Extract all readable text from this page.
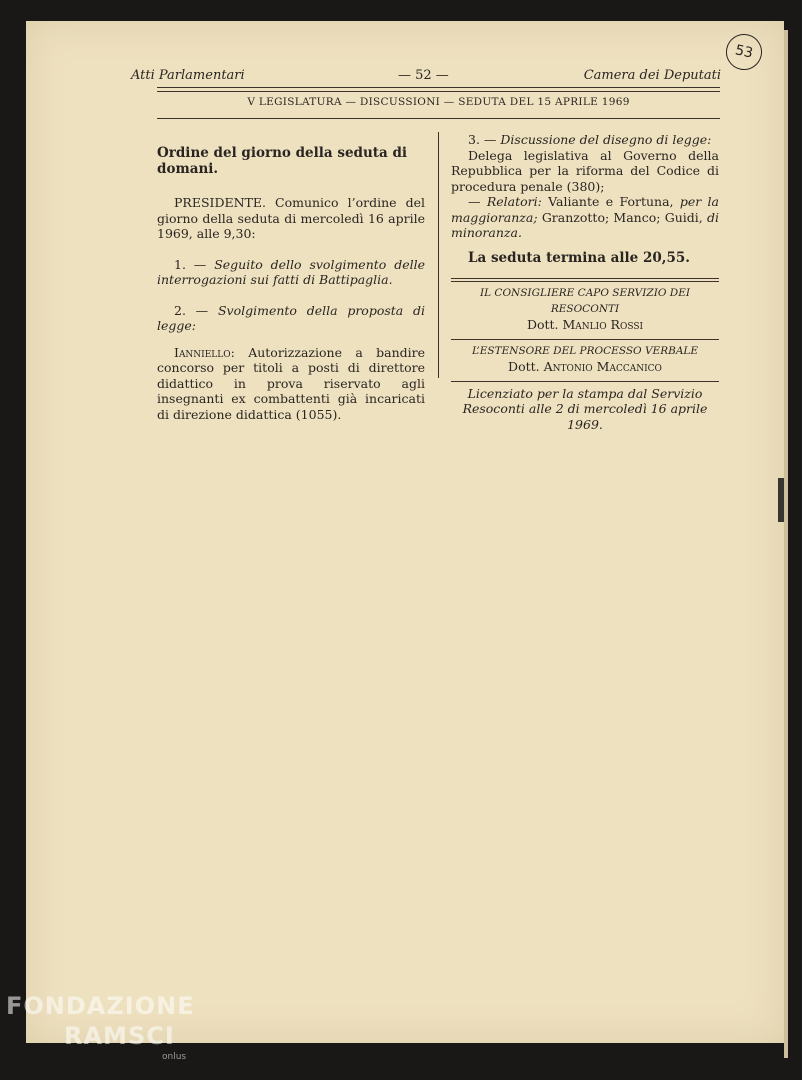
53
Atti Parlamentari	— 52 —	Camera dei Deputati
V LEGISLATURA — DISCUSSIONI — SEDUTA DEL 15 APRILE 1969

Ordine del giorno della seduta di domani.

PRESIDENTE. Comunico l’ordine del giorno della seduta di mercoledì 16 aprile 1969, alle 9,30:

1. — Seguito dello svolgimento delle interrogazioni sui fatti di Battipaglia.

2. — Svolgimento della proposta di legge:

Ianniello: Autorizzazione a bandire concorso per titoli a posti di direttore didattico in prova riservato agli insegnanti ex combattenti già incaricati di direzione didattica (1055).

3. — Discussione del disegno di legge:

Delega legislativa al Governo della Repubblica per la riforma del Codice di procedura penale (380);

— Relatori: Valiante e Fortuna, per la maggioranza; Granzotto; Manco; Guidi, di minoranza.

La seduta termina alle 20,55.

IL CONSIGLIERE CAPO SERVIZIO DEI RESOCONTI

Dott. Manlio Rossi

L’ESTENSORE DEL PROCESSO VERBALE

Dott. Antonio Maccanico

Licenziato per la stampa dal Servizio Resoconti alle 2 di mercoledì 16 aprile 1969.

FONDAZIONE
RAMSCI
onlus
